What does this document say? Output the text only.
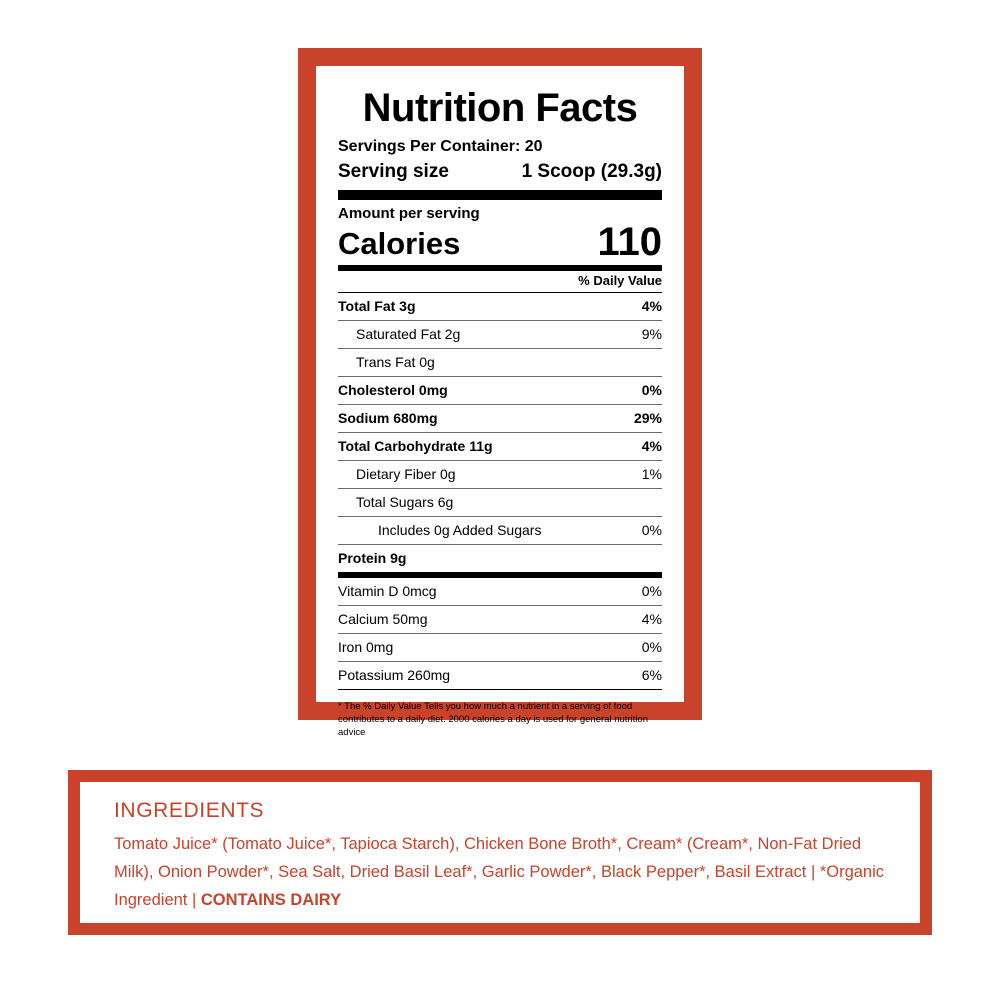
Nutrition Facts
Servings Per Container: 20
Serving size	1 Scoop (29.3g)
Amount per serving
Calories	110
% Daily Value
Total Fat 3g	4%
Saturated Fat 2g	9%
Trans Fat 0g
Cholesterol 0mg	0%
Sodium 680mg	29%
Total Carbohydrate 11g	4%
Dietary Fiber 0g	1%
Total Sugars 6g
Includes 0g Added Sugars	0%
Protein 9g
Vitamin D 0mcg	0%
Calcium 50mg	4%
Iron 0mg	0%
Potassium 260mg	6%
* The % Daily Value Tells you how much a nutrient in a serving of food contributes to a daily diet. 2000 calories a day is used for general nutrition advice
INGREDIENTS
Tomato Juice* (Tomato Juice*, Tapioca Starch), Chicken Bone Broth*, Cream* (Cream*, Non-Fat Dried Milk), Onion Powder*, Sea Salt, Dried Basil Leaf*, Garlic Powder*, Black Pepper*, Basil Extract | *Organic Ingredient | CONTAINS DAIRY
